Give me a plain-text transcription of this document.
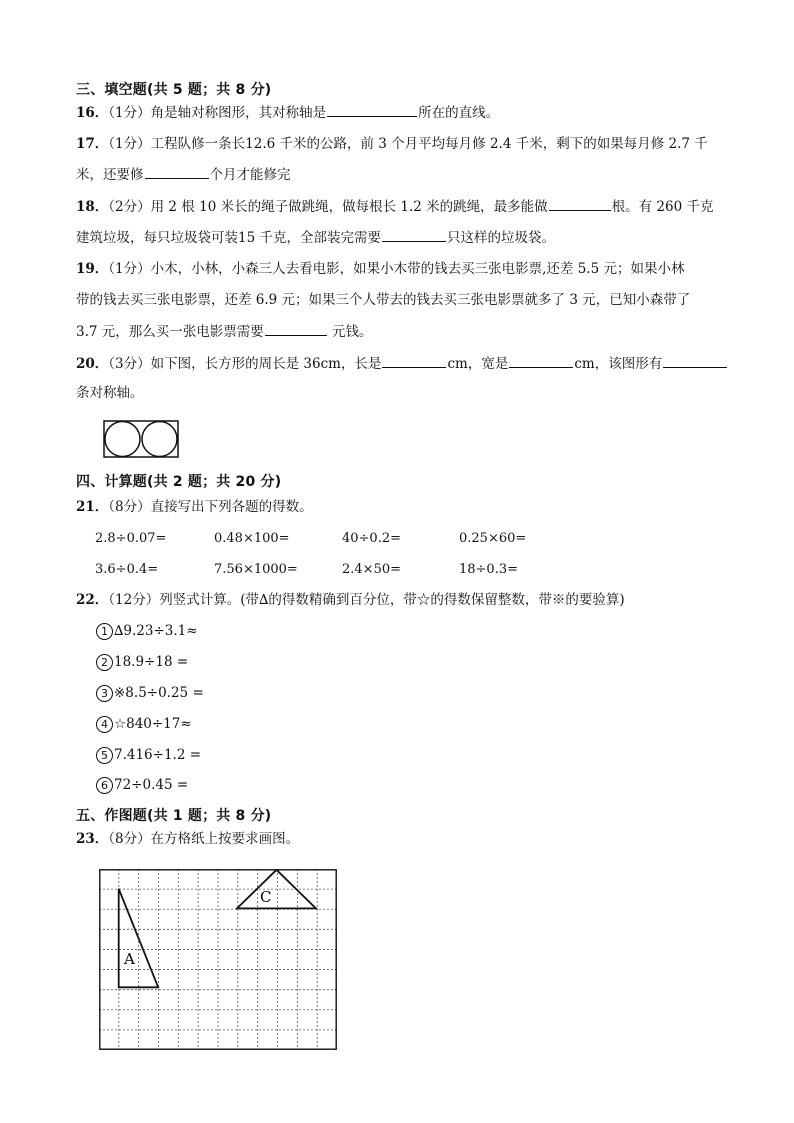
三、填空题(共 5 题；共 8 分)
16．（1分）角是轴对称图形，其对称轴是	所在的直线。
17．（1分）工程队修一条长12.6 千米的公路，前 3 个月平均每月修 2.4 千米，剩下的如果每月修 2.7 千
米，还要修	个月才能修完
18．（2分）用 2 根 10 米长的绳子做跳绳，做每根长 1.2 米的跳绳，最多能做	根。有 260 千克
建筑垃圾，每只垃圾袋可装15 千克，全部装完需要	只这样的垃圾袋。
19．（1分）小木，小林，小森三人去看电影，如果小木带的钱去买三张电影票,还差 5.5 元；如果小林
带的钱去买三张电影票，还差 6.9 元；如果三个人带去的钱去买三张电影票就多了 3 元，已知小森带了
3.7 元，那么买一张电影票需要	元钱。
20．（3分）如下图，长方形的周长是 36cm，长是	cm，宽是	cm，该图形有
条对称轴。
四、计算题(共 2 题；共 20 分)
21．（8分）直接写出下列各题的得数。
2.8÷0.07=	0.48×100=	40÷0.2=	0.25×60=
3.6÷0.4=	7.56×1000=	2.4×50=	18÷0.3=
22．（12分）列竖式计算。(带∆的得数精确到百分位，带☆的得数保留整数，带※的要验算)
1 ∆9.23÷3.1≈
2 18.9÷18 =
3 ※8.5÷0.25 =
4 ☆840÷17≈
5 7.416÷1.2 =
6 72÷0.45 =
五、作图题(共 1 题；共 8 分)
23．（8分）在方格纸上按要求画图。
A
C
